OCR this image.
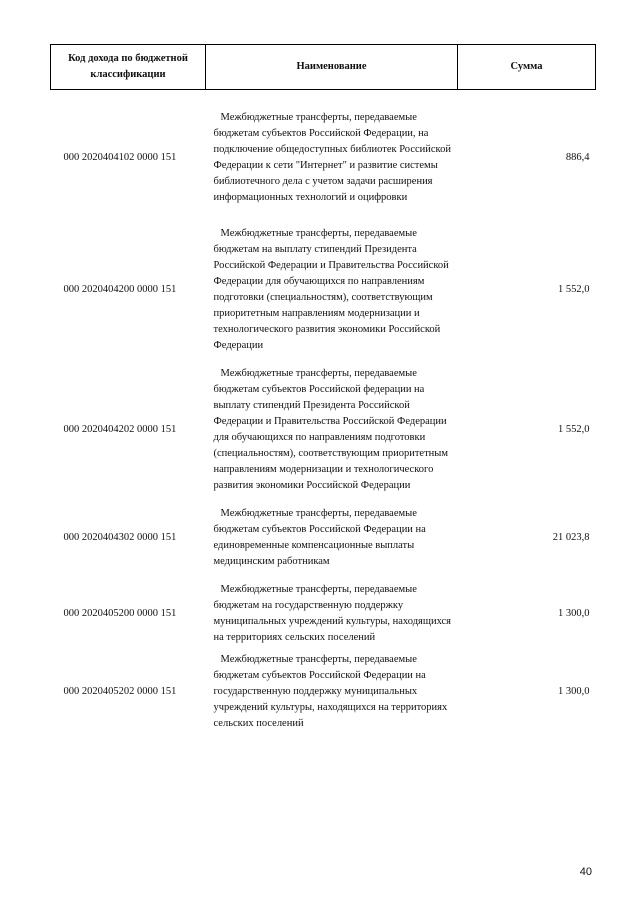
Код дохода по бюджетной классификации	Наименование	Сумма

000 2020404102 0000 151	Межбюджетные трансферты, передаваемые бюджетам субъектов Российской Федерации, на подключение общедоступных библиотек Российской Федерации к сети "Интернет" и развитие системы библиотечного дела с учетом задачи расширения информационных технологий и оцифровки	886,4

000 2020404200 0000 151	Межбюджетные трансферты, передаваемые бюджетам на выплату стипендий Президента Российской Федерации и Правительства Российской Федерации для обучающихся по направлениям подготовки (специальностям), соответствующим приоритетным направлениям модернизации и технологического развития экономики Российской Федерации	1 552,0

000 2020404202 0000 151	Межбюджетные трансферты, передаваемые бюджетам субъектов Российской федерации на выплату стипендий Президента Российской Федерации и Правительства Российской Федерации для обучающихся по направлениям подготовки (специальностям), соответствующим приоритетным направлениям модернизации и технологического развития экономики Российской Федерации	1 552,0

000 2020404302 0000 151	Межбюджетные трансферты, передаваемые бюджетам субъектов Российской Федерации на единовременные компенсационные выплаты медицинским работникам	21 023,8

000 2020405200 0000 151	Межбюджетные трансферты, передаваемые бюджетам на государственную поддержку муниципальных учреждений культуры, находящихся на территориях сельских поселений	1 300,0

000 2020405202 0000 151	Межбюджетные трансферты, передаваемые бюджетам субъектов Российской Федерации на государственную поддержку муниципальных учреждений культуры, находящихся на территориях сельских поселений	1 300,0
40
